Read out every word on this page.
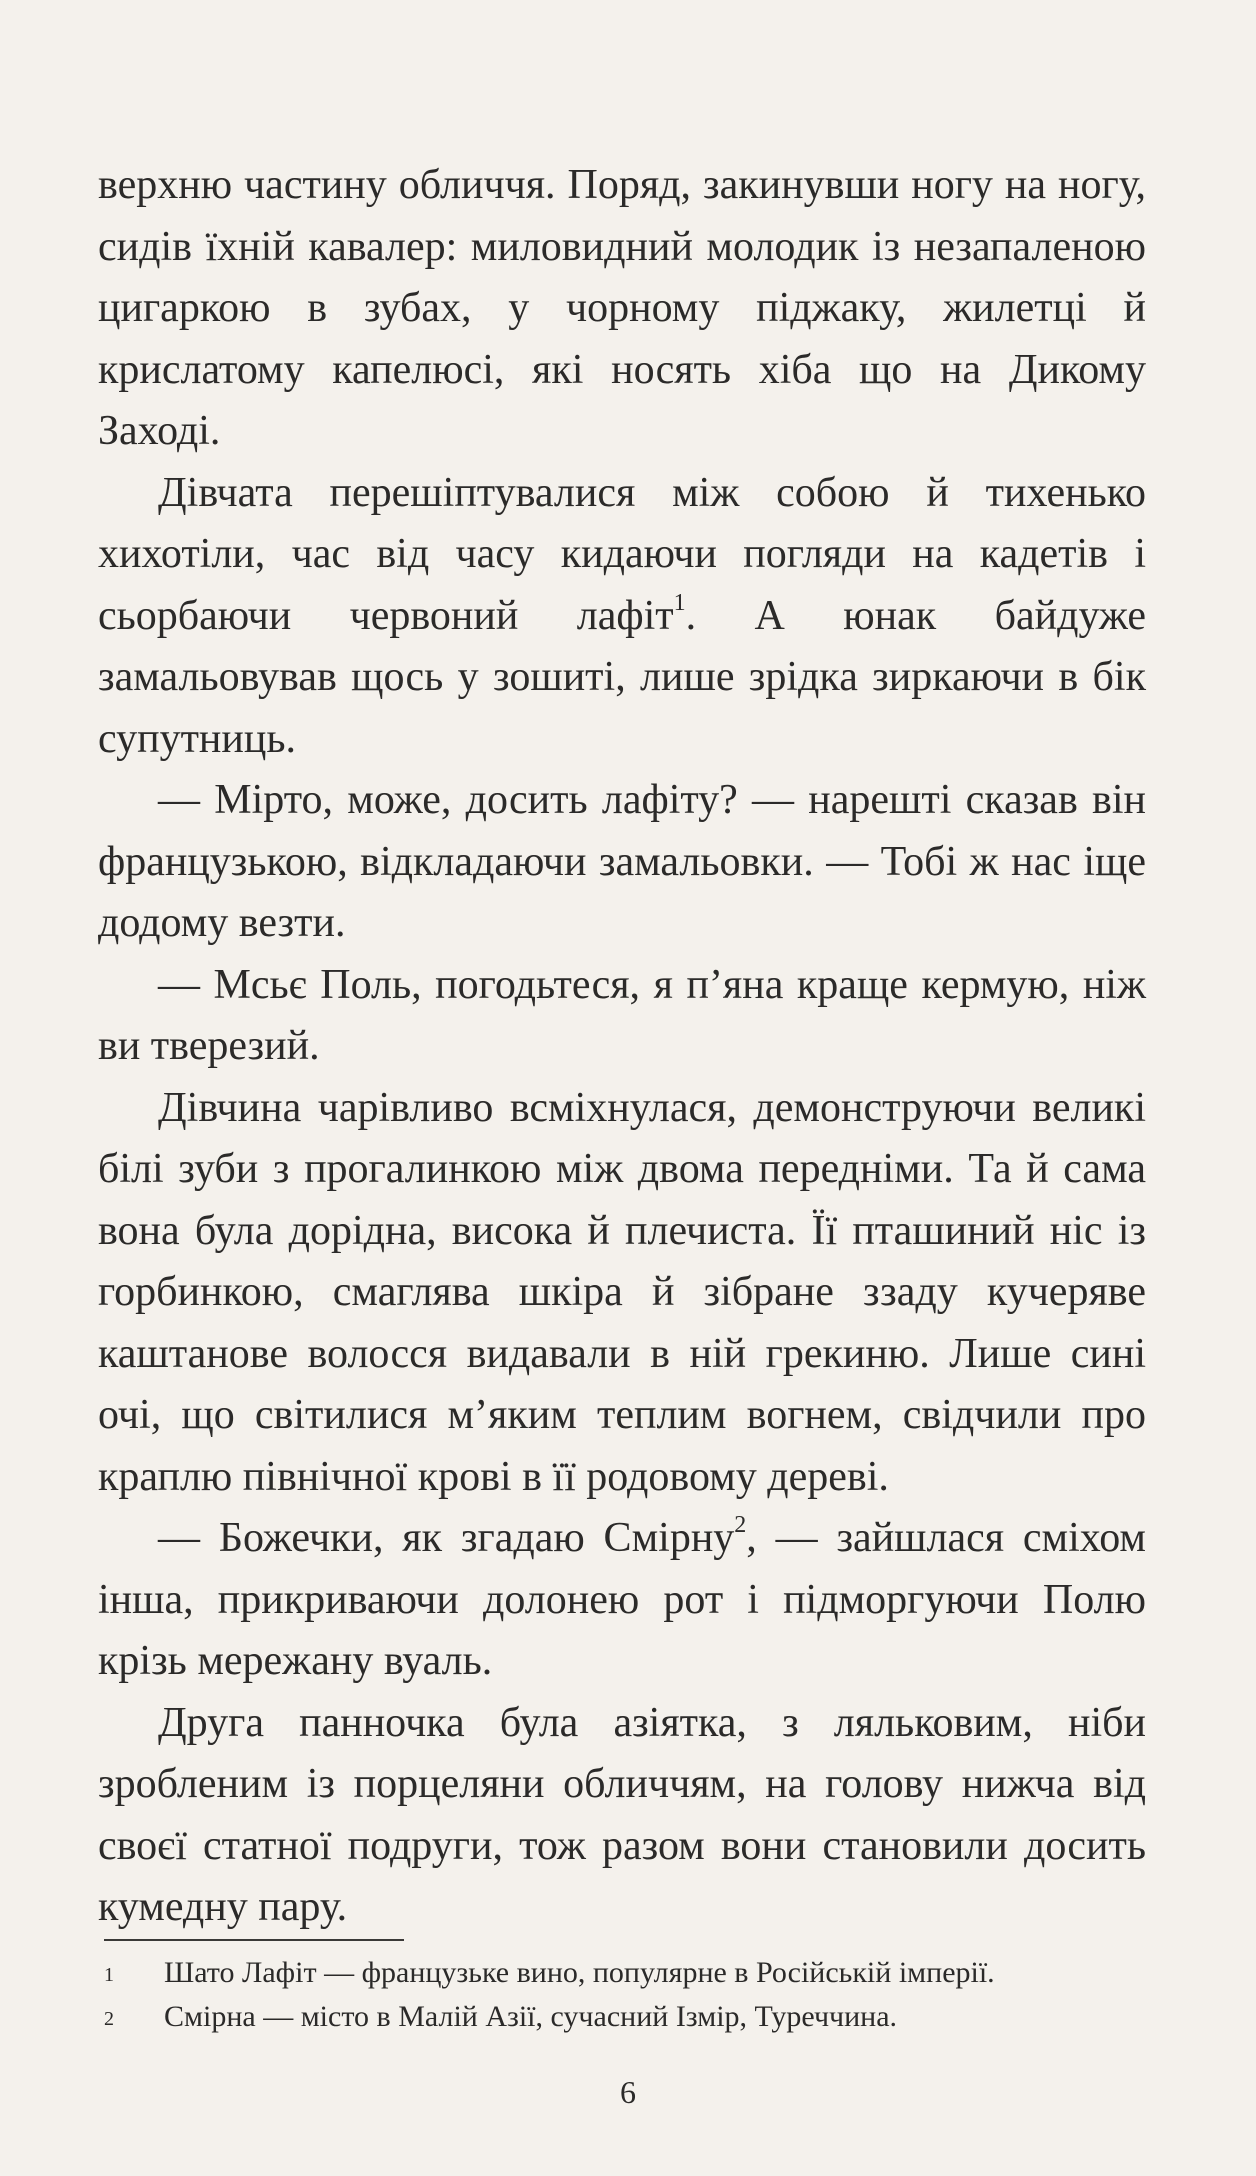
верхню частину обличчя. Поряд, закинувши ногу на ногу, сидів їхній кавалер: миловидний молодик із незапаленою цигаркою в зубах, у чорному піджаку, жилетці й крислатому капелюсі, які носять хіба що на Дикому Заході.

Дівчата перешіптувалися між собою й тихенько хихотіли, час від часу кидаючи погляди на кадетів і сьорбаючи червоний лафіт$^1$. А юнак байдуже замальовував щось у зошиті, лише зрідка зиркаючи в бік супутниць.

— Мірто, може, досить лафіту? — нарешті сказав він французькою, відкладаючи замальовки. — Тобі ж нас іще додому везти.

— Мсьє Поль, погодьтеся, я п’яна краще кермую, ніж ви тверезий.

Дівчина чарівливо всміхнулася, демонструючи великі білі зуби з прогалинкою між двома передніми. Та й сама вона була дорідна, висока й плечиста. Її пташиний ніс із горбинкою, смаглява шкіра й зібране ззаду кучеряве каштанове волосся видавали в ній грекиню. Лише сині очі, що світилися м’яким теплим вогнем, свідчили про краплю північної крові в її родовому дереві.

— Божечки, як згадаю Смірну$^2$, — зайшлася сміхом інша, прикриваючи долонею рот і підморгуючи Полю крізь мережану вуаль.

Друга панночка була азіятка, з ляльковим, ніби зробленим із порцеляни обличчям, на голову нижча від своєї статної подруги, тож разом вони становили досить кумедну пару.

1	Шато Лафіт — французьке вино, популярне в Російській імперії.
2	Смірна — місто в Малій Азії, сучасний Ізмір, Туреччина.
6
